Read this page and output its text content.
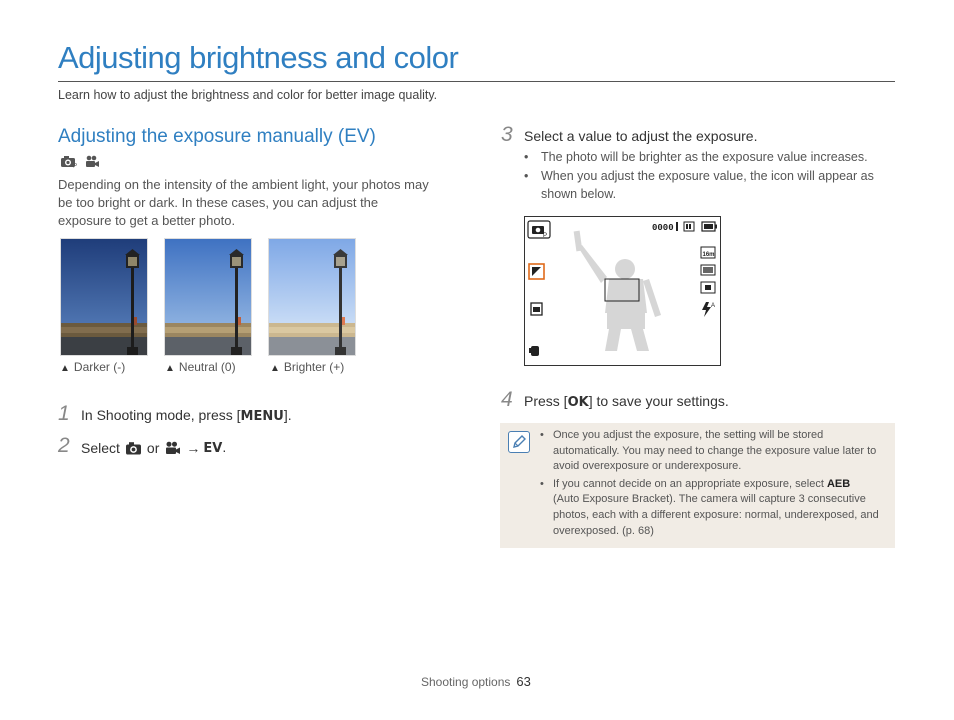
Adjusting brightness and color
Learn how to adjust the brightness and color for better image quality.
Adjusting the exposure manually (EV)
P
Depending on the intensity of the ambient light, your photos may be too bright or dark. In these cases, you can adjust the exposure to get a better photo.
▲ Darker (-)	▲ Neutral (0)	▲ Brighter (+)
1 In Shooting mode, press [MENU].
2 Select or → EV.
3 Select a value to adjust the exposure.
• The photo will be brighter as the exposure value increases.
• When you adjust the exposure value, the icon will appear as shown below.
P
0000
16m
A
4 Press [OK] to save your settings.
• Once you adjust the exposure, the setting will be stored automatically. You may need to change the exposure value later to avoid overexposure or underexposure.
• If you cannot decide on an appropriate exposure, select AEB
(Auto Exposure Bracket). The camera will capture 3 consecutive photos, each with a different exposure: normal, underexposed, and overexposed. (p. 68)
Shooting options 63
